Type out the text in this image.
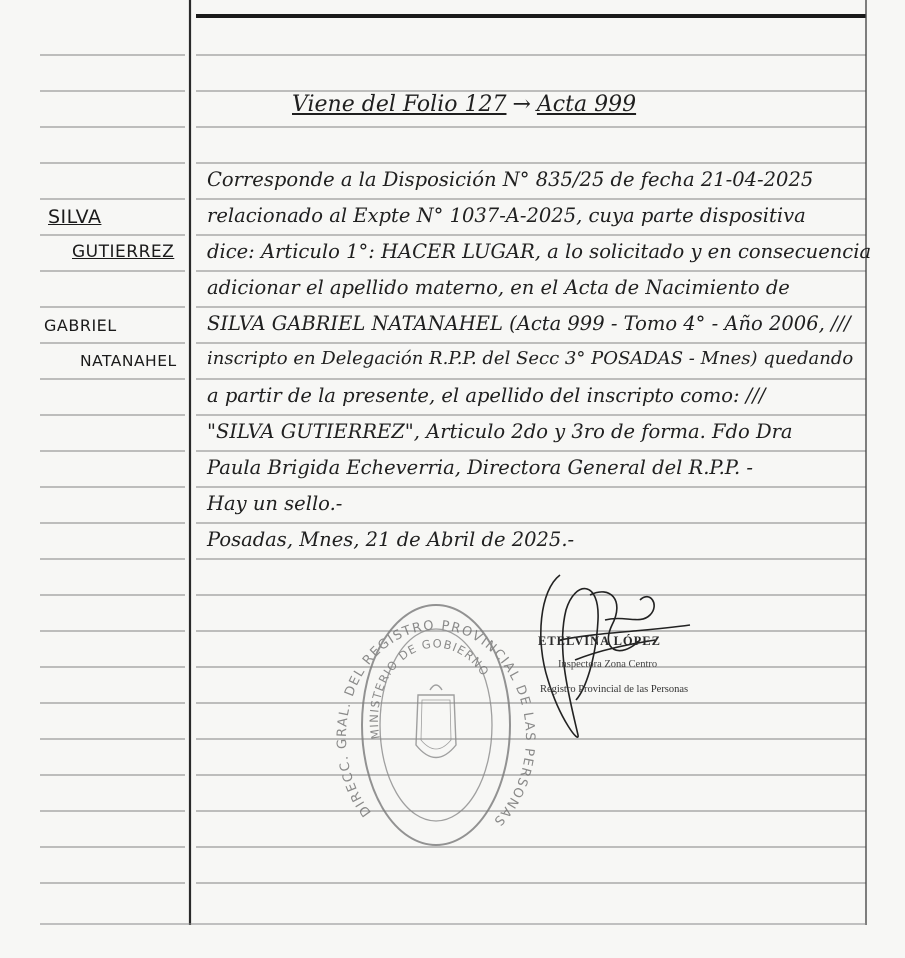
DIRECC. GRAL. DEL REGISTRO PROVINCIAL DE LAS PERSONAS
MINISTERIO DE GOBIERNO
SILVA
GUTIERREZ
GABRIEL
NATANAHEL
Viene del Folio 127 → Acta 999
Corresponde a la Disposición N° 835/25 de fecha 21-04-2025
relacionado al Expte N° 1037-A-2025, cuya parte dispositiva
dice: Articulo 1°: HACER LUGAR, a lo solicitado y en consecuencia
adicionar el apellido materno, en el Acta de Nacimiento de
SILVA GABRIEL NATANAHEL (Acta 999 - Tomo 4° - Año 2006, ///
inscripto en Delegación R.P.P. del Secc 3° POSADAS - Mnes) quedando
a partir de la presente, el apellido del inscripto como: ///
"SILVA GUTIERREZ", Articulo 2do y 3ro de forma. Fdo Dra
Paula Brigida Echeverria, Directora General del R.P.P. -
Hay un sello.-
Posadas, Mnes, 21 de Abril de 2025.-
ETELVINA LÓPEZ
Inspectora Zona Centro
Registro Provincial de las Personas
